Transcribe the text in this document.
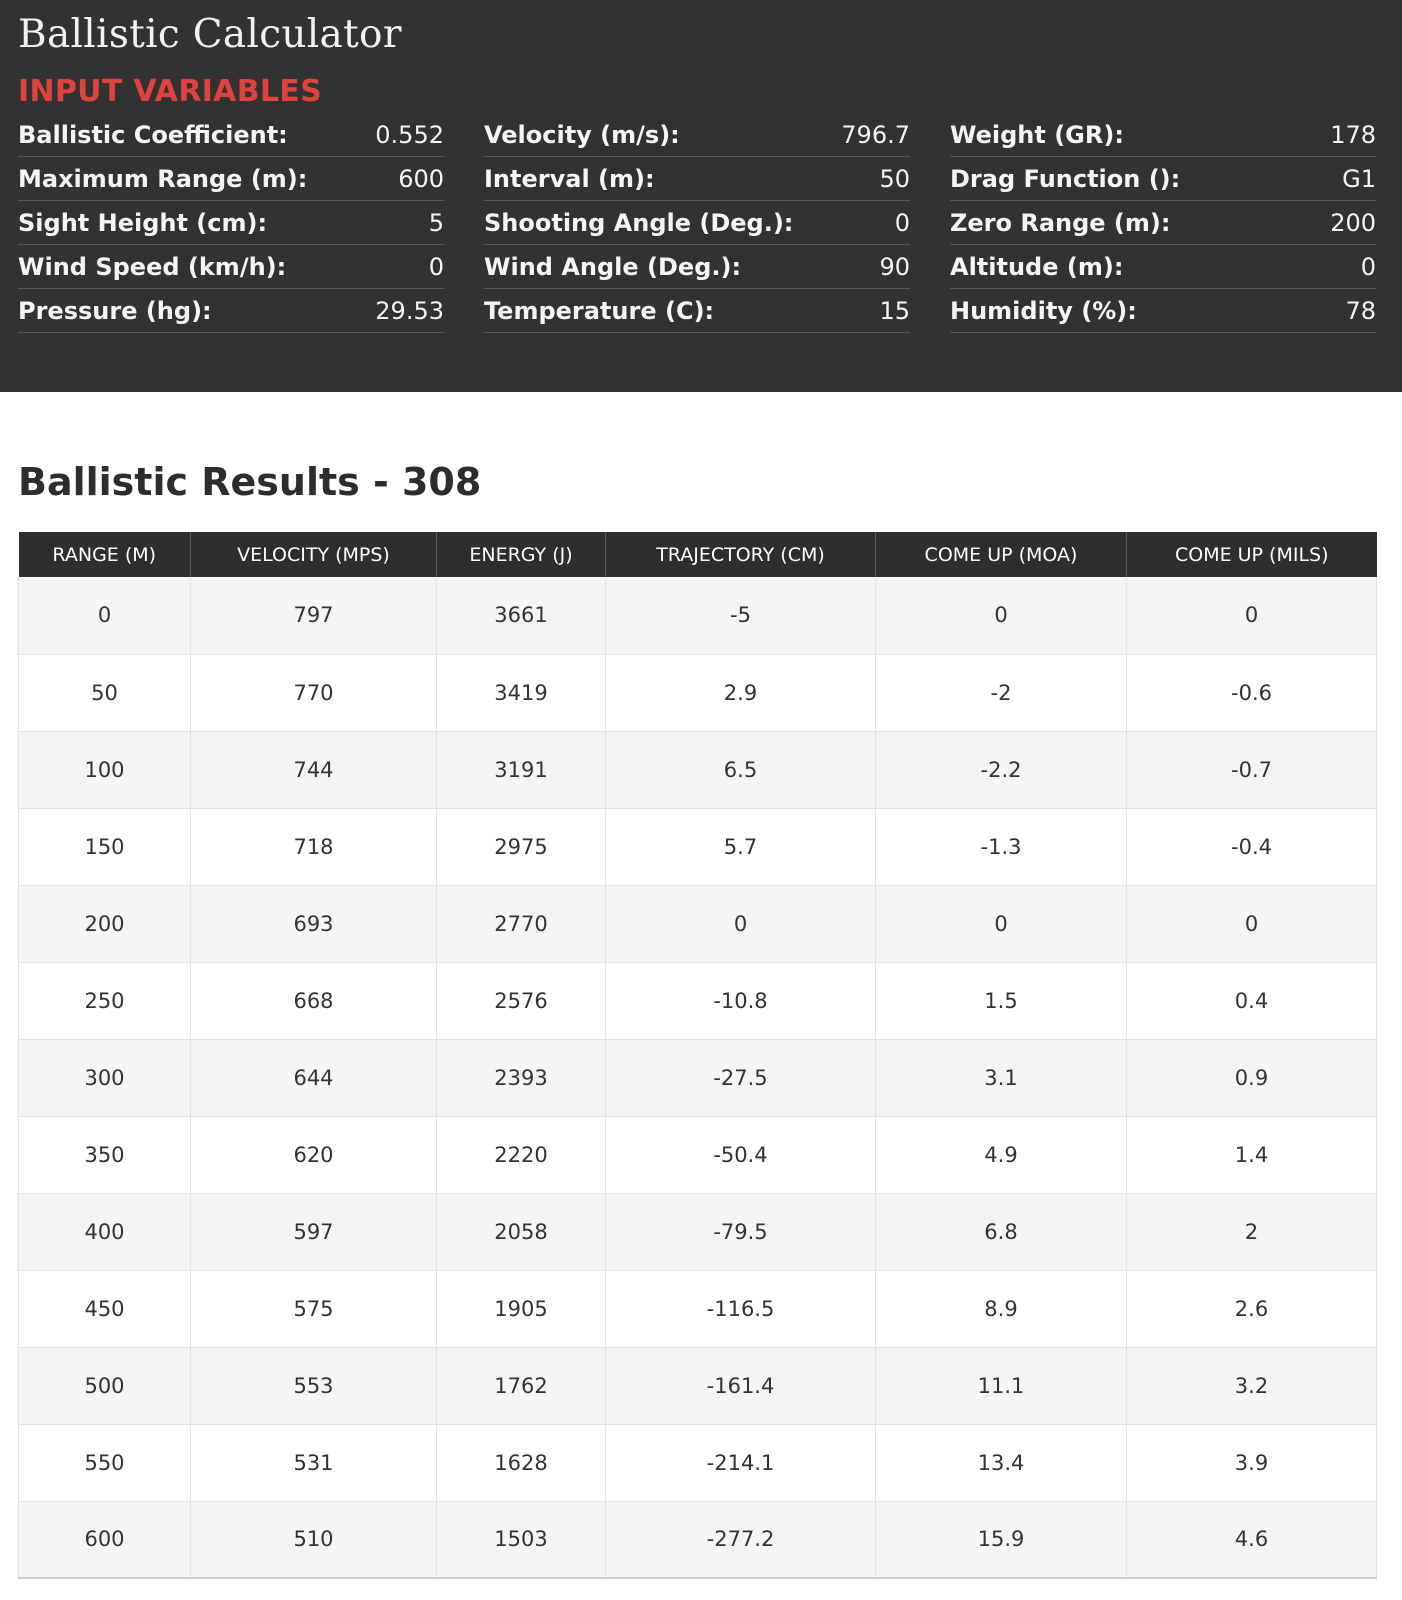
Ballistic Calculator
INPUT VARIABLES
Ballistic Coefficient:	0.552
Maximum Range (m):	600
Sight Height (cm):	5
Wind Speed (km/h):	0
Pressure (hg):	29.53
Velocity (m/s):	796.7
Interval (m):	50
Shooting Angle (Deg.):	0
Wind Angle (Deg.):	90
Temperature (C):	15
Weight (GR):	178
Drag Function ():	G1
Zero Range (m):	200
Altitude (m):	0
Humidity (%):	78
Ballistic Results - 308
RANGE (M)	VELOCITY (MPS)	ENERGY (J)	TRAJECTORY (CM)	COME UP (MOA)	COME UP (MILS)
0	797	3661	-5	0	0
50	770	3419	2.9	-2	-0.6
100	744	3191	6.5	-2.2	-0.7
150	718	2975	5.7	-1.3	-0.4
200	693	2770	0	0	0
250	668	2576	-10.8	1.5	0.4
300	644	2393	-27.5	3.1	0.9
350	620	2220	-50.4	4.9	1.4
400	597	2058	-79.5	6.8	2
450	575	1905	-116.5	8.9	2.6
500	553	1762	-161.4	11.1	3.2
550	531	1628	-214.1	13.4	3.9
600	510	1503	-277.2	15.9	4.6
